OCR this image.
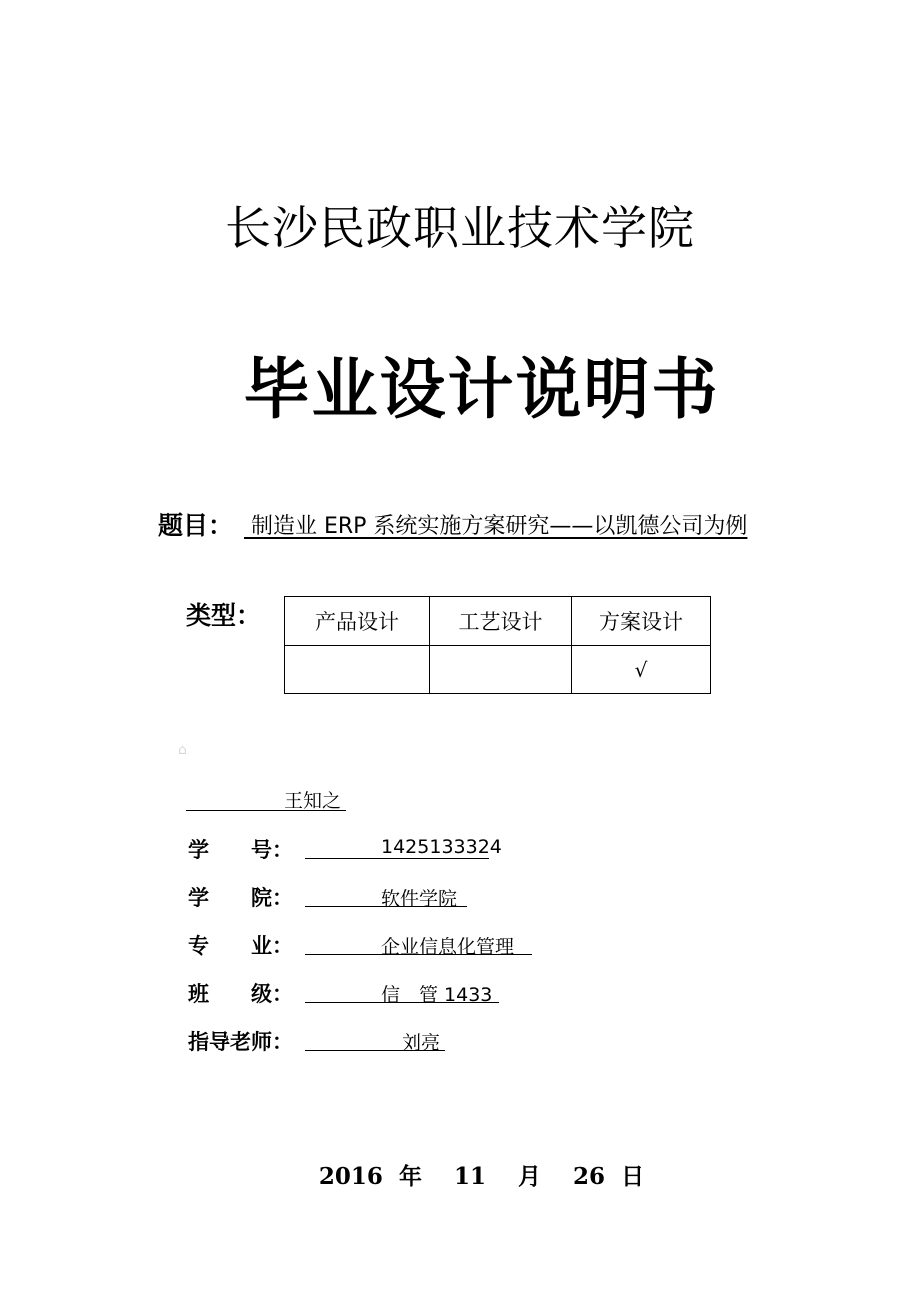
长沙民政职业技术学院
毕业设计说明书
题目： 制造业 ERP 系统实施方案研究——以凯德公司为例
类型：	产品设计	工艺设计	方案设计
		√
⌂
王知之
学　　号：	1425133324
学　　院：	软件学院
专　　业：	企业信息化管理
班　　级：	信　管 1433
指导老师：	刘亮
2016 年 11 月 26 日
